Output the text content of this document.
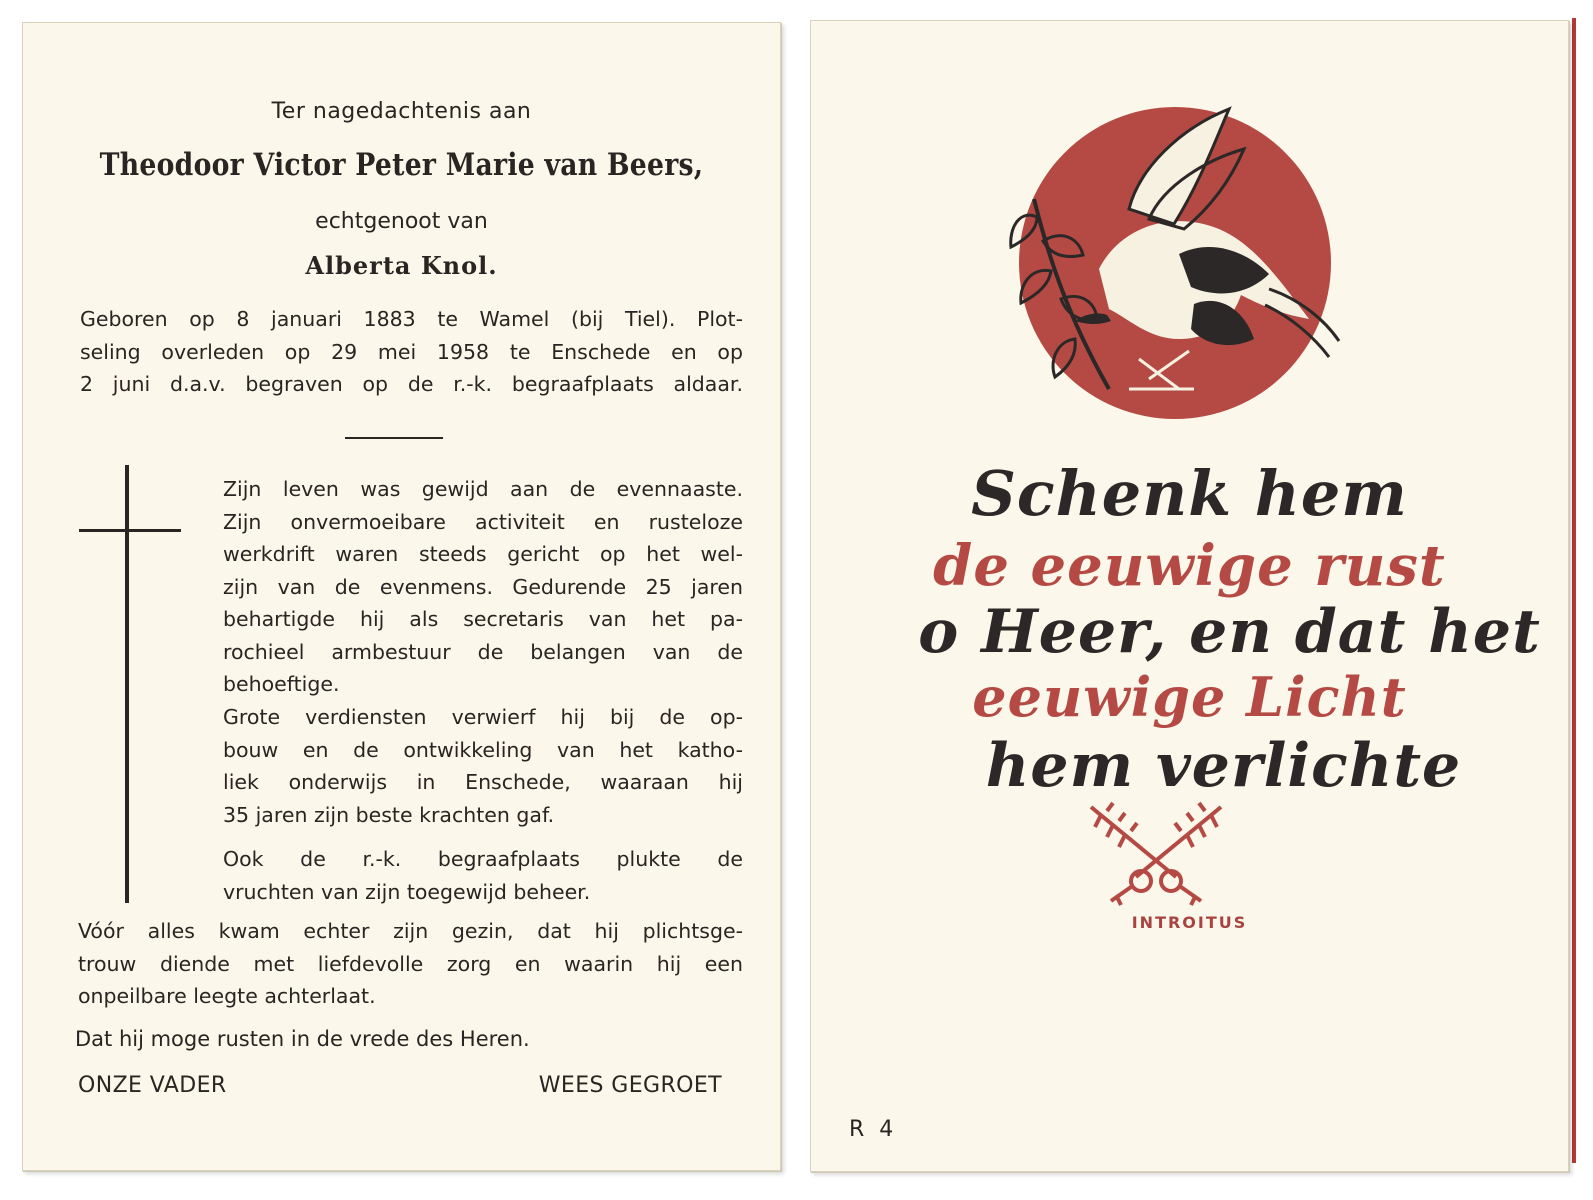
Ter nagedachtenis aan
Theodoor Victor Peter Marie van Beers,
echtgenoot van
Alberta Knol.
Geboren op 8 januari 1883 te Wamel (bij Tiel). Plot-
seling overleden op 29 mei 1958 te Enschede en op
2 juni d.a.v. begraven op de r.-k. begraafplaats aldaar.
Zijn leven was gewijd aan de evennaaste.
Zijn onvermoeibare activiteit en rusteloze
werkdrift waren steeds gericht op het wel-
zijn van de evenmens. Gedurende 25 jaren
behartigde hij als secretaris van het pa-
rochieel armbestuur de belangen van de
behoeftige.
Grote verdiensten verwierf hij bij de op-
bouw en de ontwikkeling van het katho-
liek onderwijs in Enschede, waaraan hij
35 jaren zijn beste krachten gaf.
Ook de r.-k. begraafplaats plukte de
vruchten van zijn toegewijd beheer.
Vóór alles kwam echter zijn gezin, dat hij plichtsge-
trouw diende met liefdevolle zorg en waarin hij een
onpeilbare leegte achterlaat.
Dat hij moge rusten in de vrede des Heren.
ONZE VADER	WEES GEGROET
Schenk hem
de eeuwige rust
o Heer, en dat het
eeuwige Licht
hem verlichte
INTROITUS
R 4
